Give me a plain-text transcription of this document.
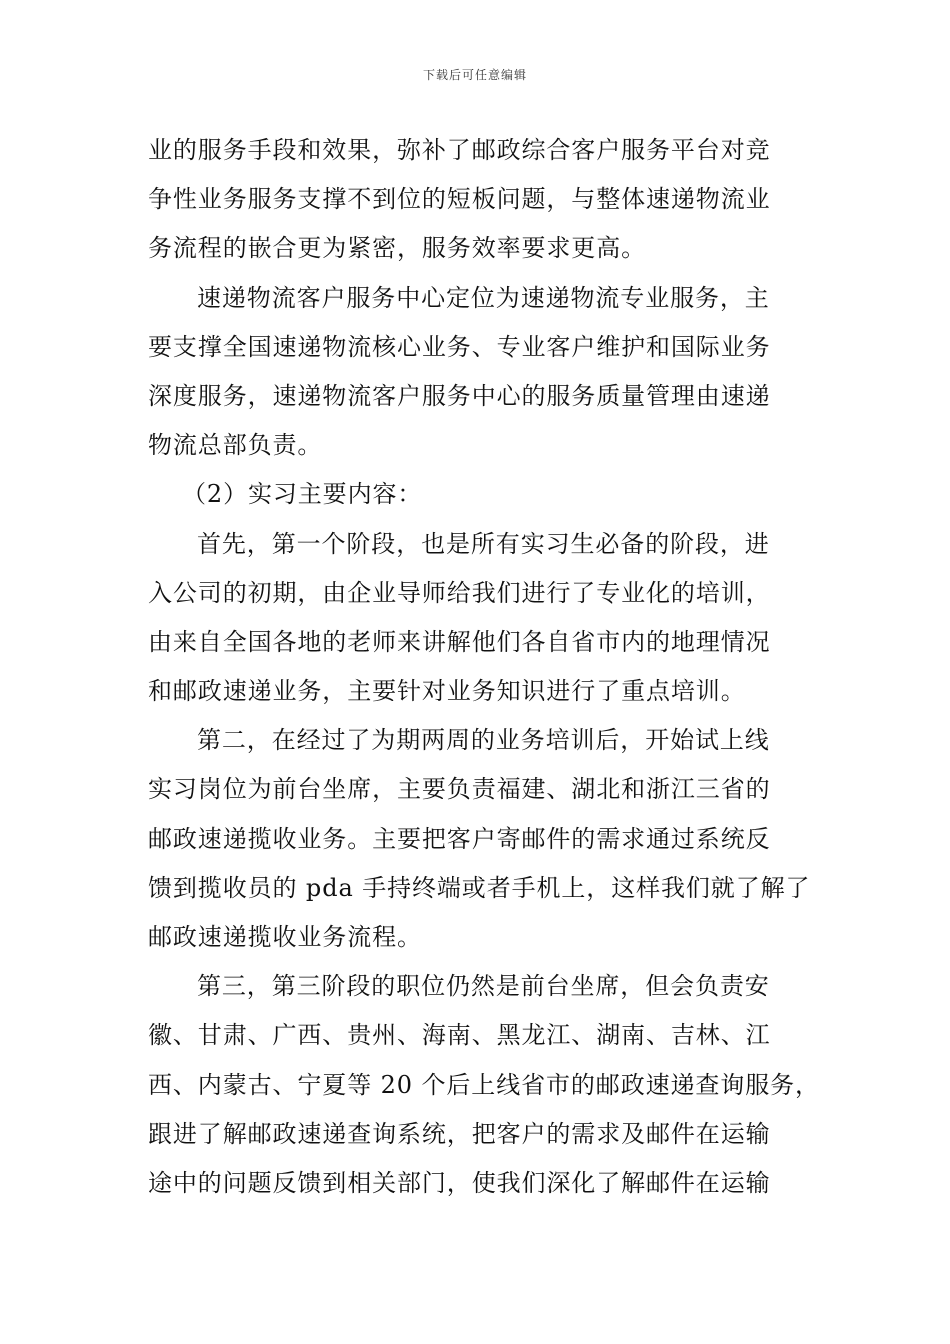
下载后可任意编辑
业的服务手段和效果，弥补了邮政综合客户服务平台对竞
争性业务服务支撑不到位的短板问题，与整体速递物流业
务流程的嵌合更为紧密，服务效率要求更高。
速递物流客户服务中心定位为速递物流专业服务，主
要支撑全国速递物流核心业务、专业客户维护和国际业务
深度服务，速递物流客户服务中心的服务质量管理由速递
物流总部负责。
（2）实习主要内容：
首先，第一个阶段，也是所有实习生必备的阶段，进
入公司的初期，由企业导师给我们进行了专业化的培训，
由来自全国各地的老师来讲解他们各自省市内的地理情况
和邮政速递业务，主要针对业务知识进行了重点培训。
第二，在经过了为期两周的业务培训后，开始试上线
实习岗位为前台坐席，主要负责福建、湖北和浙江三省的
邮政速递揽收业务。主要把客户寄邮件的需求通过系统反
馈到揽收员的 pda 手持终端或者手机上，这样我们就了解了
邮政速递揽收业务流程。
第三，第三阶段的职位仍然是前台坐席，但会负责安
徽、甘肃、广西、贵州、海南、黑龙江、湖南、吉林、江
西、内蒙古、宁夏等 20 个后上线省市的邮政速递查询服务，
跟进了解邮政速递查询系统，把客户的需求及邮件在运输
途中的问题反馈到相关部门，使我们深化了解邮件在运输
